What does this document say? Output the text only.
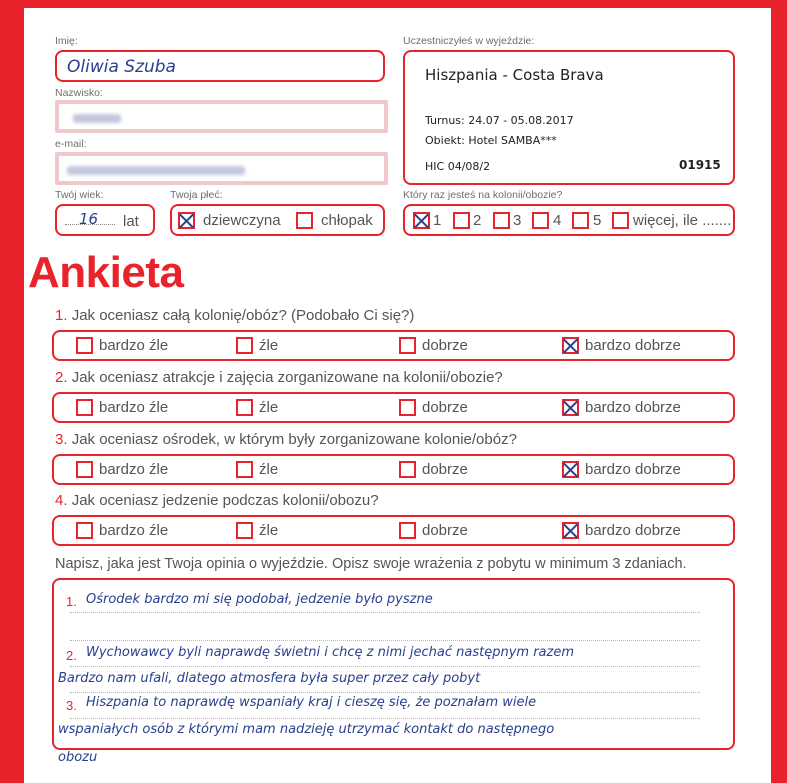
Imię:
Oliwia Szuba
Nazwisko:
e-mail:
Twój wiek:
16 lat
Twoja płeć:
dziewczyna	chłopak
Uczestniczyłeś w wyjeździe:
Hiszpania - Costa Brava
Turnus: 24.07 - 05.08.2017
Obiekt: Hotel SAMBA***
HIC 04/08/2	01915
Który raz jesteś na kolonii/obozie?
1 2 3 4 5 więcej, ile .......
Ankieta
1. Jak oceniasz całą kolonię/obóz? (Podobało Ci się?)
bardzo źle	źle	dobrze	bardzo dobrze
2. Jak oceniasz atrakcje i zajęcia zorganizowane na kolonii/obozie?
bardzo źle	źle	dobrze	bardzo dobrze
3. Jak oceniasz ośrodek, w którym były zorganizowane kolonie/obóz?
bardzo źle	źle	dobrze	bardzo dobrze
4. Jak oceniasz jedzenie podczas kolonii/obozu?
bardzo źle	źle	dobrze	bardzo dobrze
Napisz, jaka jest Twoja opinia o wyjeździe. Opisz swoje wrażenia z pobytu w minimum 3 zdaniach.
1. Ośrodek bardzo mi się podobał, jedzenie było pyszne
2. Wychowawcy byli naprawdę świetni i chcę z nimi jechać następnym razem
Bardzo nam ufali, dlatego atmosfera była super przez cały pobyt
3. Hiszpania to naprawdę wspaniały kraj i cieszę się, że poznałam wiele
wspaniałych osób z którymi mam nadzieję utrzymać kontakt do następnego
obozu
